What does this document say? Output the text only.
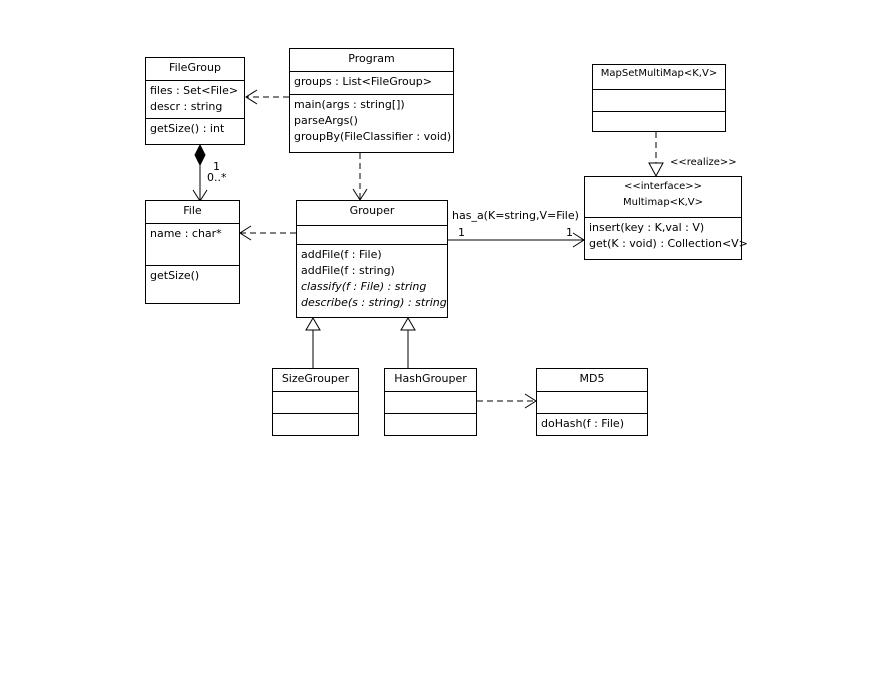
1
0..*
<<realize>>
has_a(K=string,V=File)
1	1
FileGroup
files : Set<File>
descr : string
getSize() : int
Program
groups : List<FileGroup>
main(args : string[])
parseArgs()
groupBy(FileClassifier : void)
MapSetMultiMap<K,V>
<<interface>>
Multimap<K,V>
insert(key : K,val : V)
get(K : void) : Collection<V>
File
name : char*
getSize()
Grouper
addFile(f : File)
addFile(f : string)
classify(f : File) : string
describe(s : string) : string
SizeGrouper	HashGrouper	MD5
doHash(f : File)
